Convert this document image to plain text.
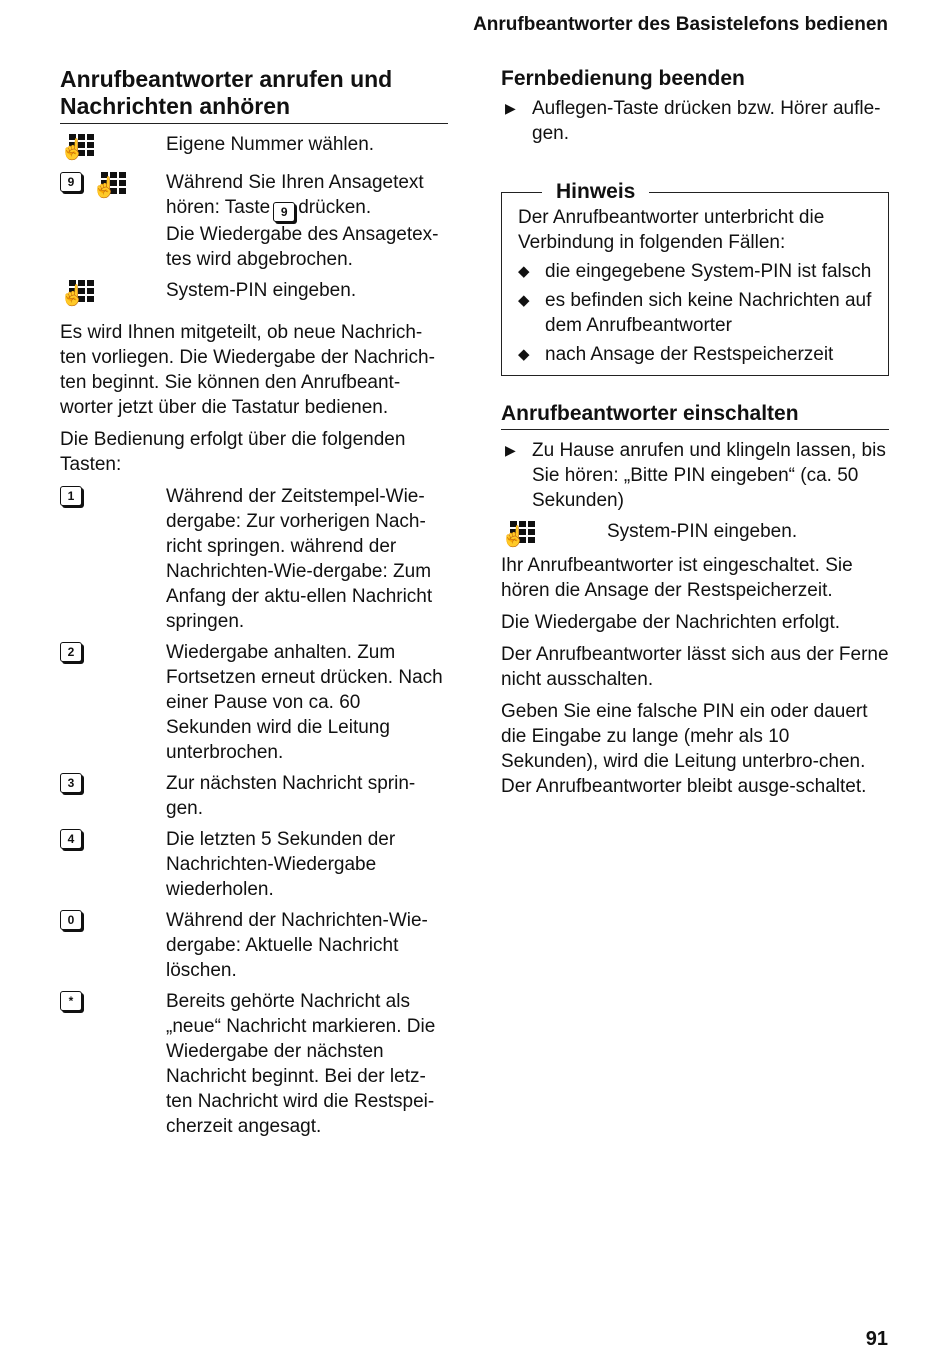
Anrufbeantworter des Basistelefons bedienen
Anrufbeantworter anrufen und Nachrichten anhören
☝	Eigene Nummer wählen.
9 ☝	Während Sie Ihren Ansagetext hören: Taste 9 drücken.
Die Wiedergabe des Ansagetex-tes wird abgebrochen.
☝	System-PIN eingeben.

Es wird Ihnen mitgeteilt, ob neue Nachrich-ten vorliegen. Die Wiedergabe der Nachrich-ten beginnt. Sie können den Anrufbeant-worter jetzt über die Tastatur bedienen.

Die Bedienung erfolgt über die folgenden Tasten:

1	Während der Zeitstempel-Wie-dergabe: Zur vorherigen Nach-richt springen. während der Nachrichten-Wie-dergabe: Zum Anfang der aktu-ellen Nachricht springen.
2	Wiedergabe anhalten. Zum Fortsetzen erneut drücken. Nach einer Pause von ca. 60 Sekunden wird die Leitung unterbrochen.
3	Zur nächsten Nachricht sprin-gen.
4	Die letzten 5 Sekunden der Nachrichten-Wiedergabe wiederholen.
0	Während der Nachrichten-Wie-dergabe: Aktuelle Nachricht löschen.
*	Bereits gehörte Nachricht als „neue“ Nachricht markieren. Die Wiedergabe der nächsten Nachricht beginnt. Bei der letz-ten Nachricht wird die Restspei-cherzeit angesagt.
Fernbedienung beenden
▶ Auflegen-Taste drücken bzw. Hörer aufle-gen.
Hinweis
Der Anrufbeantworter unterbricht die Verbindung in folgenden Fällen:
◆ die eingegebene System-PIN ist falsch
◆ es befinden sich keine Nachrichten auf dem Anrufbeantworter
◆ nach Ansage der Restspeicherzeit
Anrufbeantworter einschalten
▶ Zu Hause anrufen und klingeln lassen, bis Sie hören: „Bitte PIN eingeben“ (ca. 50 Sekunden)
☝	System-PIN eingeben.

Ihr Anrufbeantworter ist eingeschaltet. Sie hören die Ansage der Restspeicherzeit.

Die Wiedergabe der Nachrichten erfolgt.

Der Anrufbeantworter lässt sich aus der Ferne nicht ausschalten.

Geben Sie eine falsche PIN ein oder dauert die Eingabe zu lange (mehr als 10 Sekunden), wird die Leitung unterbro-chen. Der Anrufbeantworter bleibt ausge-schaltet.

91
